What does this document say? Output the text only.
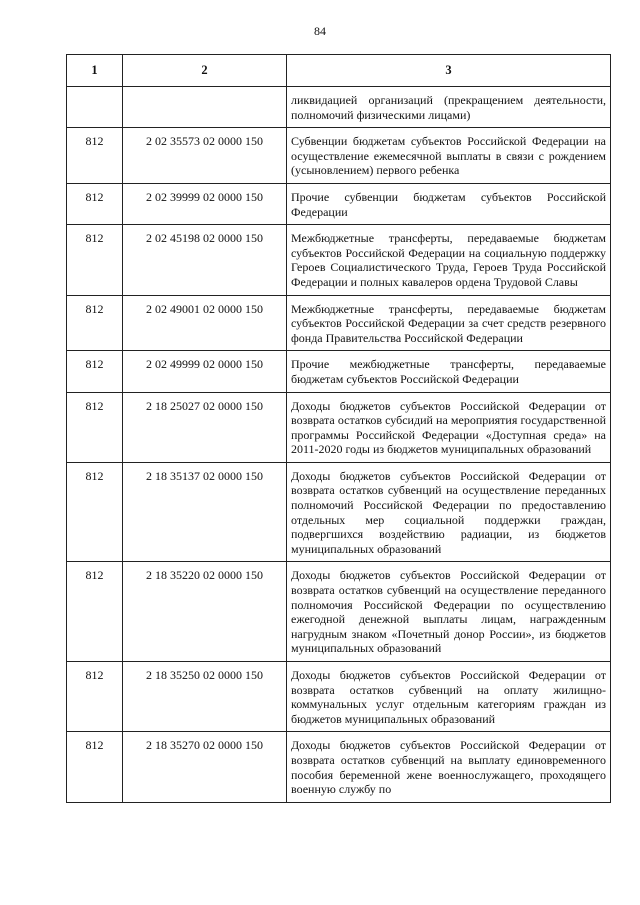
84
1	2	3
		ликвидацией организаций (прекращением деятельности, полномочий физическими лицами)
812	2 02 35573 02 0000 150	Субвенции бюджетам субъектов Российской Федерации на осуществление ежемесячной выплаты в связи с рождением (усыновлением) первого ребенка
812	2 02 39999 02 0000 150	Прочие субвенции бюджетам субъектов Российской Федерации
812	2 02 45198 02 0000 150	Межбюджетные трансферты, передаваемые бюджетам субъектов Российской Федерации на социальную поддержку Героев Социалистического Труда, Героев Труда Российской Федерации и полных кавалеров ордена Трудовой Славы
812	2 02 49001 02 0000 150	Межбюджетные трансферты, передаваемые бюджетам субъектов Российской Федерации за счет средств резервного фонда Правительства Российской Федерации
812	2 02 49999 02 0000 150	Прочие межбюджетные трансферты, передаваемые бюджетам субъектов Российской Федерации
812	2 18 25027 02 0000 150	Доходы бюджетов субъектов Российской Федерации от возврата остатков субсидий на мероприятия государственной программы Российской Федерации «Доступная среда» на 2011-2020 годы из бюджетов муниципальных образований
812	2 18 35137 02 0000 150	Доходы бюджетов субъектов Российской Федерации от возврата остатков субвенций на осуществление переданных полномочий Российской Федерации по предоставлению отдельных мер социальной поддержки граждан, подвергшихся воздействию радиации, из бюджетов муниципальных образований
812	2 18 35220 02 0000 150	Доходы бюджетов субъектов Российской Федерации от возврата остатков субвенций на осуществление переданного полномочия Российской Федерации по осуществлению ежегодной денежной выплаты лицам, награжденным нагрудным знаком «Почетный донор России», из бюджетов муниципальных образований
812	2 18 35250 02 0000 150	Доходы бюджетов субъектов Российской Федерации от возврата остатков субвенций на оплату жилищно-коммунальных услуг отдельным категориям граждан из бюджетов муниципальных образований
812	2 18 35270 02 0000 150	Доходы бюджетов субъектов Российской Федерации от возврата остатков субвенций на выплату единовременного пособия беременной жене военнослужащего, проходящего военную службу по
